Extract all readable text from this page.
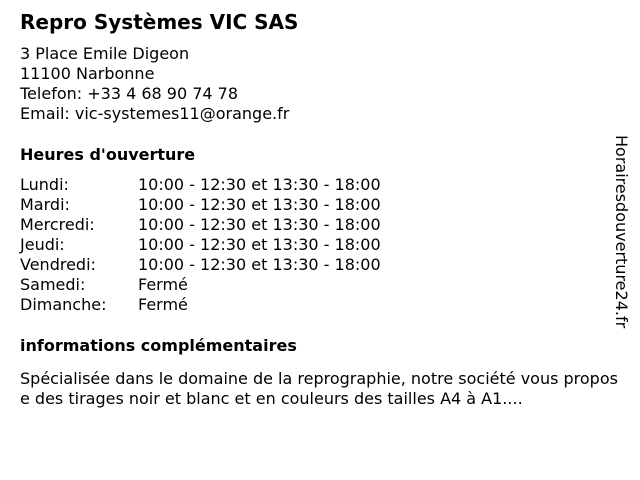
Repro Systèmes VIC SAS
3 Place Emile Digeon
11100 Narbonne
Telefon: +33 4 68 90 74 78
Email: vic-systemes11@orange.fr
Heures d'ouverture
Lundi:	10:00 - 12:30 et 13:30 - 18:00
Mardi:	10:00 - 12:30 et 13:30 - 18:00
Mercredi:	10:00 - 12:30 et 13:30 - 18:00
Jeudi:	10:00 - 12:30 et 13:30 - 18:00
Vendredi:	10:00 - 12:30 et 13:30 - 18:00
Samedi:	Fermé
Dimanche:	Fermé
informations complémentaires
Spécialisée dans le domaine de la reprographie, notre société vous propose des tirages noir et blanc et en couleurs des tailles A4 à A1....
Horairesdouverture24.fr
